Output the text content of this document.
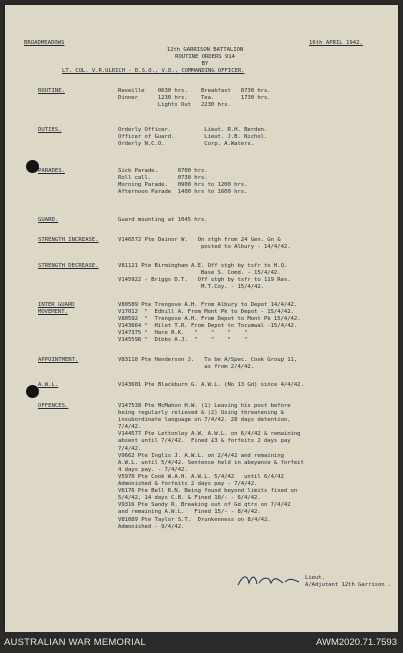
BROADMEADOWS	16th APRIL 1942.
12th GARRISON BATTALION
ROUTINE ORDERS 914
BY
LT. COL. V.R.ULRICH - D.S.O., V.D., COMMANDING OFFICER.
ROUTINE.	Reveille    0630 hrs.    Breakfast   0730 hrs.
Dinner      1230 hrs.    Tea.        1730 hrs.
Lights Out   2230 hrs.
DUTIES.	Orderly Officer.          Lieut. R.H. Berden.
Officer of Guard.         Lieut. J.B. Nichol.
Orderly N.C.O.            Corp. A.Waters.
PARADES.	Sick Parade.      0700 hrs.
Roll call.        0730 hrs.
Morning Parade.   0900 hrs to 1200 hrs.
Afternoon Parade  1400 hrs to 1600 hrs.
GUARD.	Guard mounting at 1045 hrs.
STRENGTH INCREASE.	V146572 Pte Dainor W.   On stgh from 24 Gen. Gn &
posted to Albury - 14/4/42.
STRENGTH DECREASE.	V81121 Pte Birmingham A.E. Off stgh by tsfr to H.Q.
Base S. Comd. - 15/4/42.
V145922 - Briggs D.T.   Off stgh by tsfr to 119 Res.
M.T.Coy. - 15/4/42.
INTER GUARD
MOVEMENT.
V80589 Pte Trengove A.H. From Albury to Depot 14/4/42.
V17012  "  Edhill A. From Mont Pk to Depot - 15/4/42.
V80592  "  Trengove A.H. From Depot to Mont Pk 15/4/42.
V143664 "  Hilet T.R. From Depot to Tocumwal -15/4/42.
V147375 "  Hare R.K.   "    "    "    "
V145598 "  Dibbs A.J.  "    "    "    "
APPOINTMENT.	V83110 Pte Henderson J.   To be A/Spec. Cook Group 11,
as from 2/4/42.
A.W.L.	V143601 Pte Blackburn G. A.W.L. (No 13 Gd) since 4/4/42.
OFFENCES.	V147538 Pte McMahon H.W. (1) Leaving his post before
being regularly relieved & (2) Using threatening &
insubordinate language on 7/4/42. 28 days detention,
7/4/42.
V144577 Pte Lettonley A.W. A.W.L. on 6/4/42 & remaining
absent until 7/4/42.  Fined £3 & forfeits 2 days pay
7/4/42.
V9662 Pte Inglis J. A.W.L. on 2/4/42 and remaining
A.W.L. until 5/4/42. Sentence held in abeyance & forfeit
4 days pay. - 7/4/42.
V5970 Pte Cook W.A.H. A.W.L. 5/4/42   until 6/4/42
Admonished & forfeits 2 days pay - 7/4/42.
V6176 Pte Bell R.N. Being found beyond limits fixed on
5/4/42, 14 days C.B. & Fined 10/- - 6/4/42.
V9316 Pte Sandy R. Breaking out of Gd qtrs on 7/4/42
and remaining A.W.L.   Fined 15/- - 8/4/42.
V81089 Pte Taylor S.T.  Drunkenness on 8/4/42.
Admonished - 9/4/42.
Lieut.
A/Adjutant 12th Garrison .
AUSTRALIAN WAR MEMORIAL	AWM2020.71.7593
